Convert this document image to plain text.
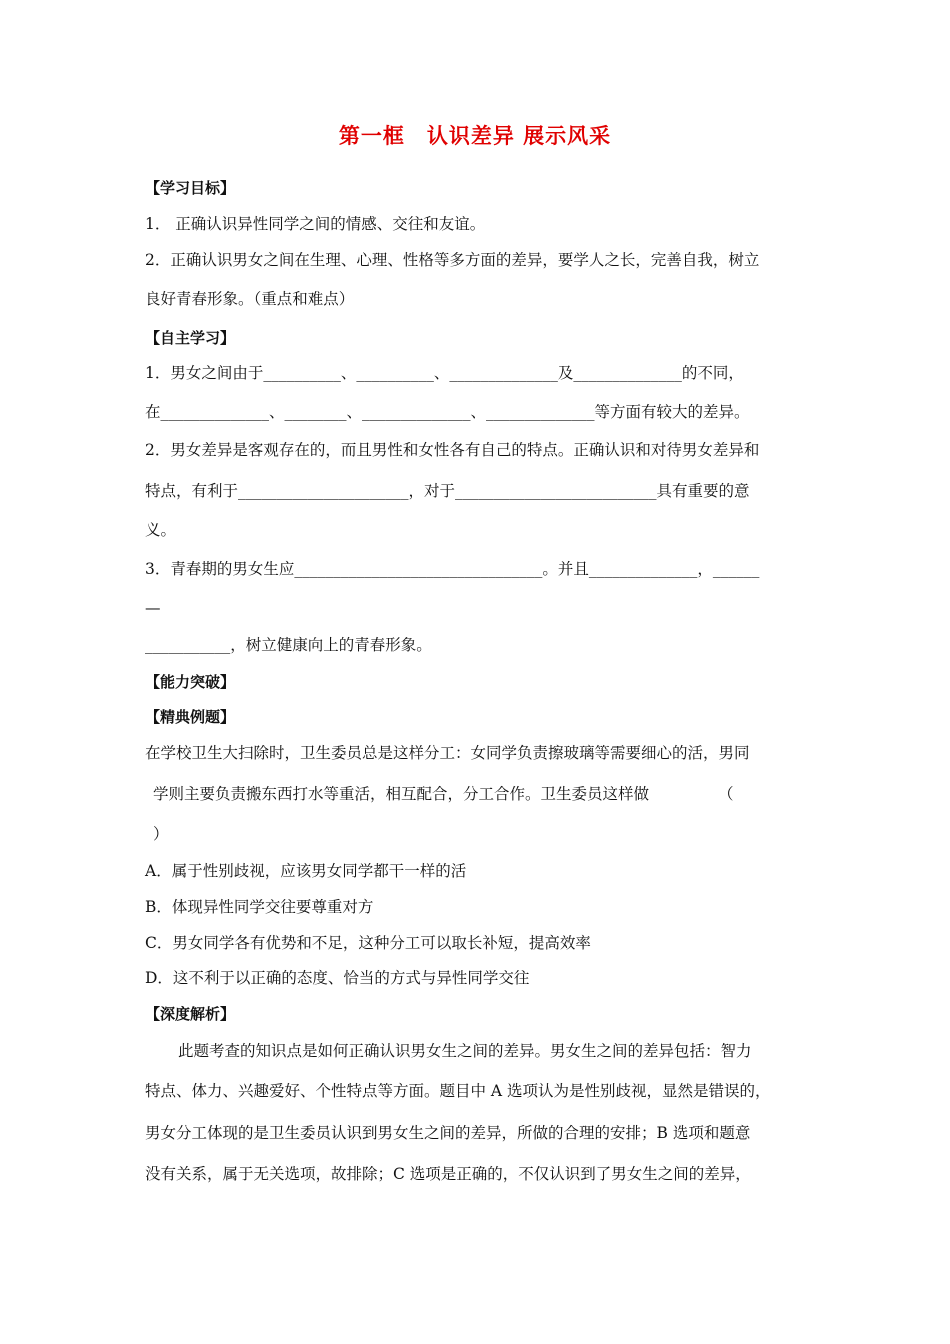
第一框　认识差异 展示风采
【学习目标】
1． 正确认识异性同学之间的情感、交往和友谊。
2．正确认识男女之间在生理、心理、性格等多方面的差异，要学人之长，完善自我，树立
良好青春形象。（重点和难点）
【自主学习】
1．男女之间由于__________、__________、______________及______________的不同，
在______________、________、______________、______________等方面有较大的差异。
2．男女差异是客观存在的，而且男性和女性各有自己的特点。正确认识和对待男女差异和
特点，有利于______________________，对于__________________________具有重要的意
义。
3．青春期的男女生应________________________________。并且______________，______
—
___________，树立健康向上的青春形象。
【能力突破】
【精典例题】
在学校卫生大扫除时，卫生委员总是这样分工：女同学负责擦玻璃等需要细心的活，男同
学则主要负责搬东西打水等重活，相互配合，分工合作。卫生委员这样做              （
）
A．属于性别歧视，应该男女同学都干一样的活
B．体现异性同学交往要尊重对方
C．男女同学各有优势和不足，这种分工可以取长补短，提高效率
D．这不利于以正确的态度、恰当的方式与异性同学交往
【深度解析】
此题考查的知识点是如何正确认识男女生之间的差异。男女生之间的差异包括：智力
特点、体力、兴趣爱好、个性特点等方面。题目中 A 选项认为是性别歧视，显然是错误的，
男女分工体现的是卫生委员认识到男女生之间的差异，所做的合理的安排；B 选项和题意
没有关系，属于无关选项，故排除；C 选项是正确的，不仅认识到了男女生之间的差异，
